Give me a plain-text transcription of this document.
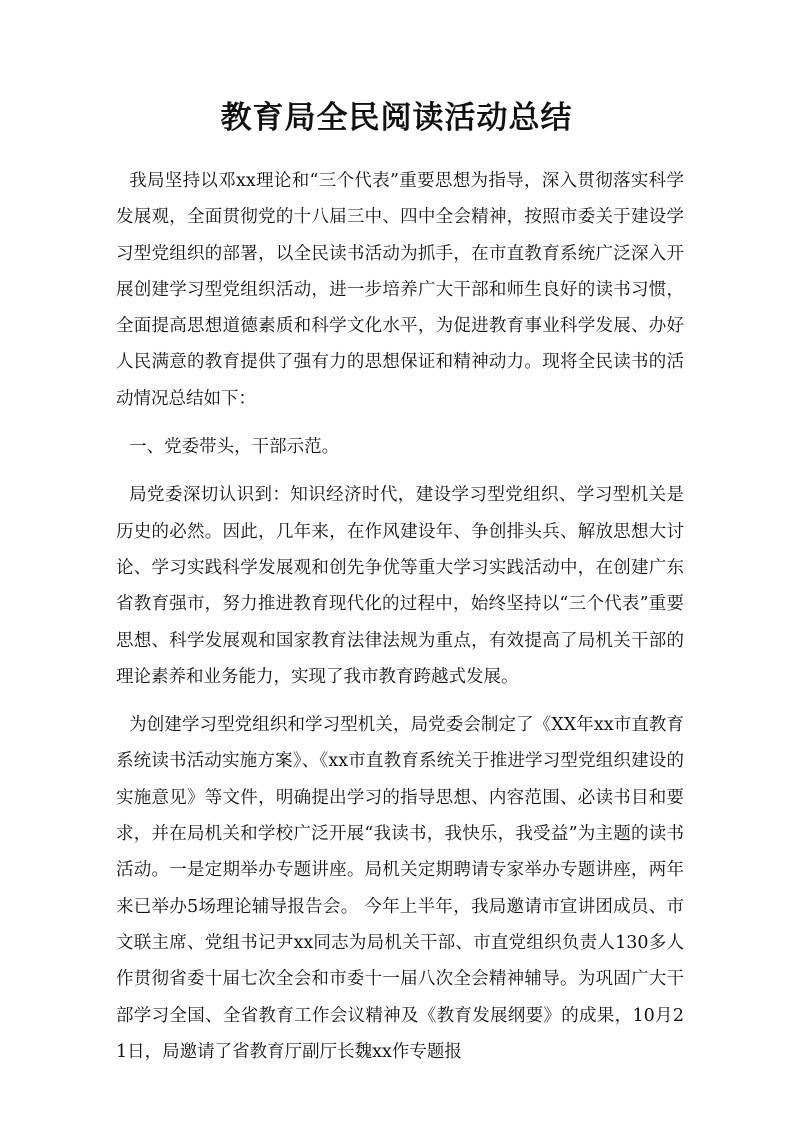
教育局全民阅读活动总结

我局坚持以邓xx理论和“三个代表”重要思想为指导，深入贯彻落实科学发展观，全面贯彻党的十八届三中、四中全会精神，按照市委关于建设学习型党组织的部署，以全民读书活动为抓手，在市直教育系统广泛深入开展创建学习型党组织活动，进一步培养广大干部和师生良好的读书习惯，全面提高思想道德素质和科学文化水平，为促进教育事业科学发展、办好人民满意的教育提供了强有力的思想保证和精神动力。现将全民读书的活动情况总结如下：

一、党委带头，干部示范。

局党委深切认识到：知识经济时代，建设学习型党组织、学习型机关是历史的必然。因此，几年来，在作风建设年、争创排头兵、解放思想大讨论、学习实践科学发展观和创先争优等重大学习实践活动中，在创建广东省教育强市，努力推进教育现代化的过程中，始终坚持以“三个代表”重要思想、科学发展观和国家教育法律法规为重点，有效提高了局机关干部的理论素养和业务能力，实现了我市教育跨越式发展。

为创建学习型党组织和学习型机关，局党委会制定了《XX年xx市直教育系统读书活动实施方案》、《xx市直教育系统关于推进学习型党组织建设的实施意见》等文件，明确提出学习的指导思想、内容范围、必读书目和要求，并在局机关和学校广泛开展“我读书，我快乐，我受益”为主题的读书活动。一是定期举办专题讲座。局机关定期聘请专家举办专题讲座，两年来已举办5场理论辅导报告会。 今年上半年，我局邀请市宣讲团成员、市文联主席、党组书记尹xx同志为局机关干部、市直党组织负责人130多人作贯彻省委十届七次全会和市委十一届八次全会精神辅导。为巩固广大干部学习全国、全省教育工作会议精神及《教育发展纲要》的成果，10月21日，局邀请了省教育厅副厅长魏xx作专题报
